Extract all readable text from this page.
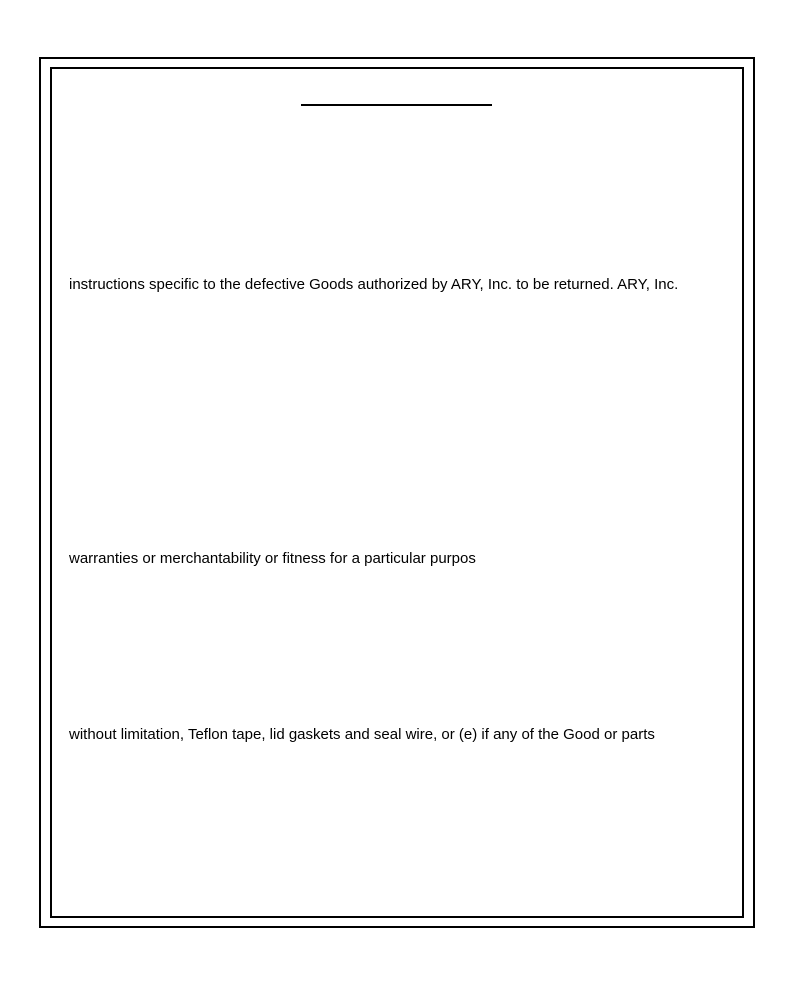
instructions specific to the defective Goods authorized by ARY, Inc. to be returned. ARY, Inc.
warranties or merchantability or fitness for a particular purpos
without limitation, Teflon tape, lid gaskets and seal wire, or (e) if any of the Good or parts
